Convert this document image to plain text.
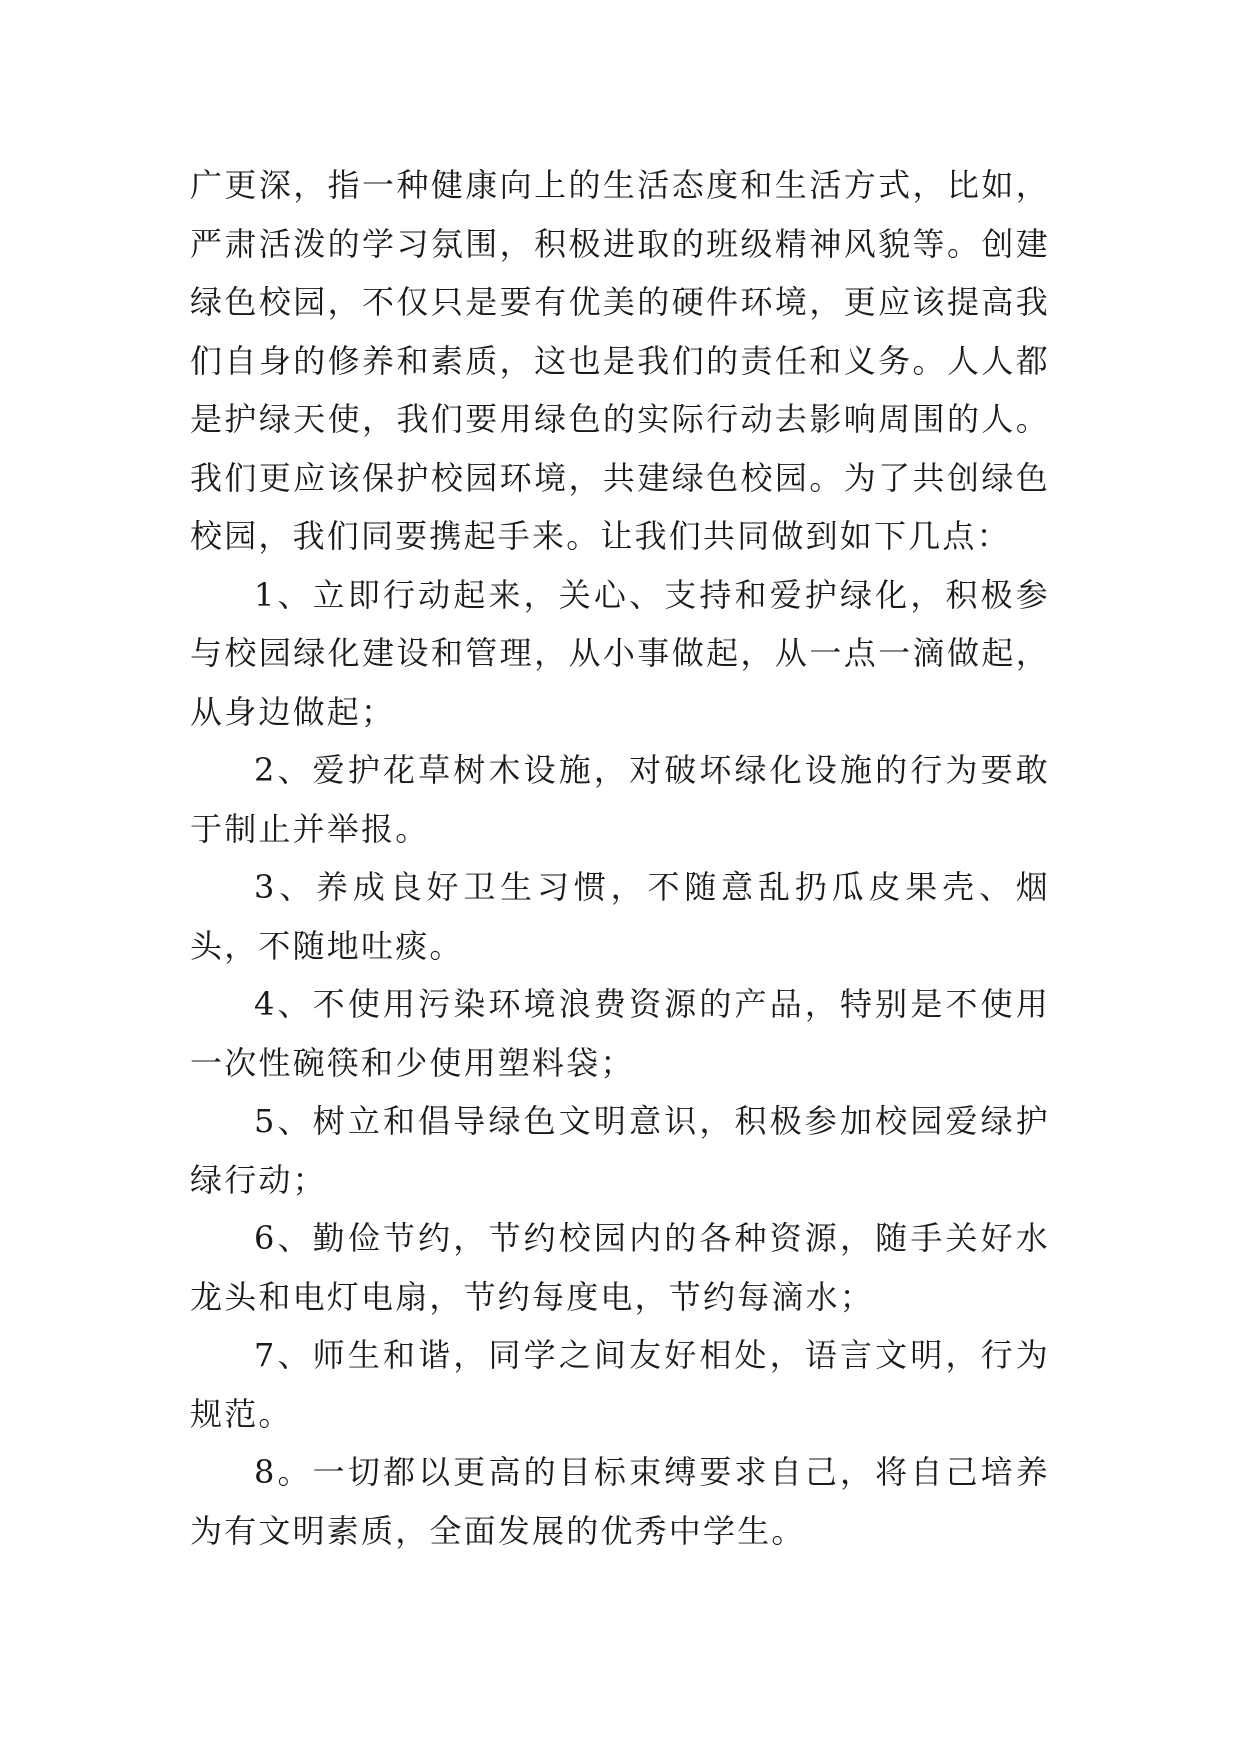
广更深，指一种健康向上的生活态度和生活方式，比如，严肃活泼的学习氛围，积极进取的班级精神风貌等。创建绿色校园，不仅只是要有优美的硬件环境，更应该提高我们自身的修养和素质，这也是我们的责任和义务。人人都是护绿天使，我们要用绿色的实际行动去影响周围的人。我们更应该保护校园环境，共建绿色校园。为了共创绿色校园，我们同要携起手来。让我们共同做到如下几点：

1、立即行动起来，关心、支持和爱护绿化，积极参与校园绿化建设和管理，从小事做起，从一点一滴做起，从身边做起；

2、爱护花草树木设施，对破坏绿化设施的行为要敢于制止并举报。

3、养成良好卫生习惯，不随意乱扔瓜皮果壳、烟头，不随地吐痰。

4、不使用污染环境浪费资源的产品，特别是不使用一次性碗筷和少使用塑料袋；

5、树立和倡导绿色文明意识，积极参加校园爱绿护绿行动；

6、勤俭节约，节约校园内的各种资源，随手关好水龙头和电灯电扇，节约每度电，节约每滴水；

7、师生和谐，同学之间友好相处，语言文明，行为规范。

8。一切都以更高的目标束缚要求自己，将自己培养为有文明素质，全面发展的优秀中学生。
